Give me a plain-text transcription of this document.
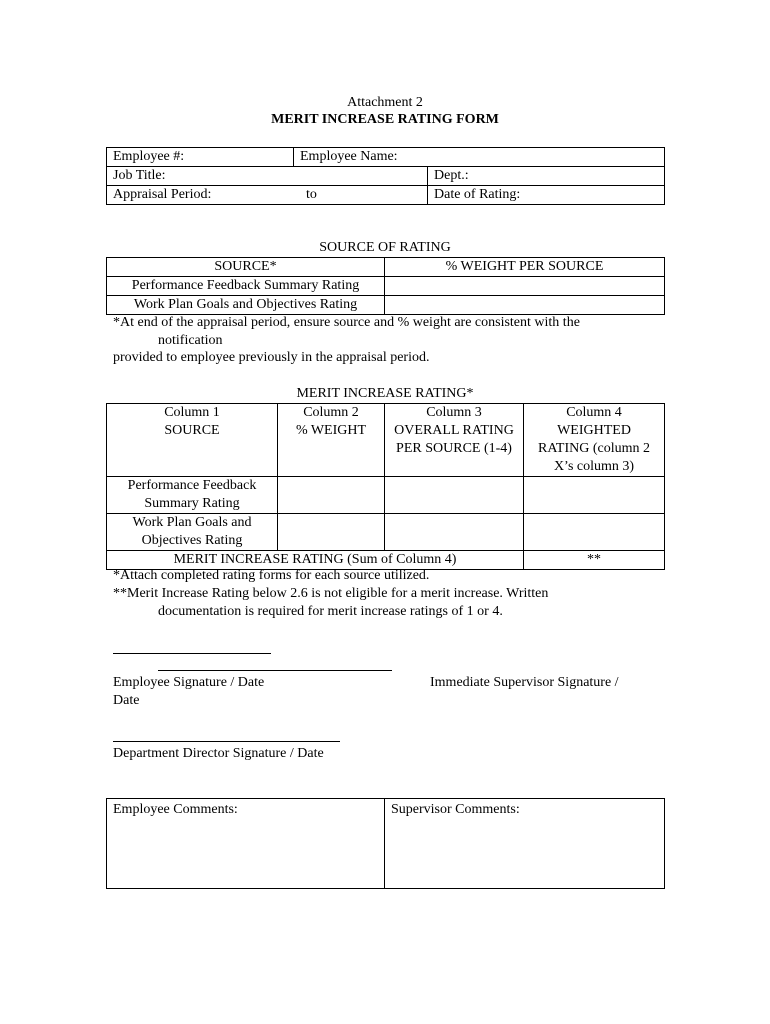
Attachment 2
MERIT INCREASE RATING FORM
Employee #:	Employee Name:	
Job Title:		Dept.:
Appraisal Period: to		Date of Rating:
SOURCE OF RATING
SOURCE*	% WEIGHT PER SOURCE
Performance Feedback Summary Rating	
Work Plan Goals and Objectives Rating	
*At end of the appraisal period, ensure source and % weight are consistent with the
notification
provided to employee previously in the appraisal period.
MERIT INCREASE RATING*
Column 1	Column 2	Column 3	Column 4
SOURCE	% WEIGHT	OVERALL RATING PER SOURCE (1-4)	WEIGHTED RATING (column 2 X’s column 3)
Performance Feedback Summary Rating			
Work Plan Goals and Objectives Rating			
MERIT INCREASE RATING (Sum of Column 4)			**
*Attach completed rating forms for each source utilized.
**Merit Increase Rating below 2.6 is not eligible for a merit increase. Written
documentation is required for merit increase ratings of 1 or 4.
Employee Signature / Date	Immediate Supervisor Signature /
Date
Department Director Signature / Date
Employee Comments:	Supervisor Comments:
